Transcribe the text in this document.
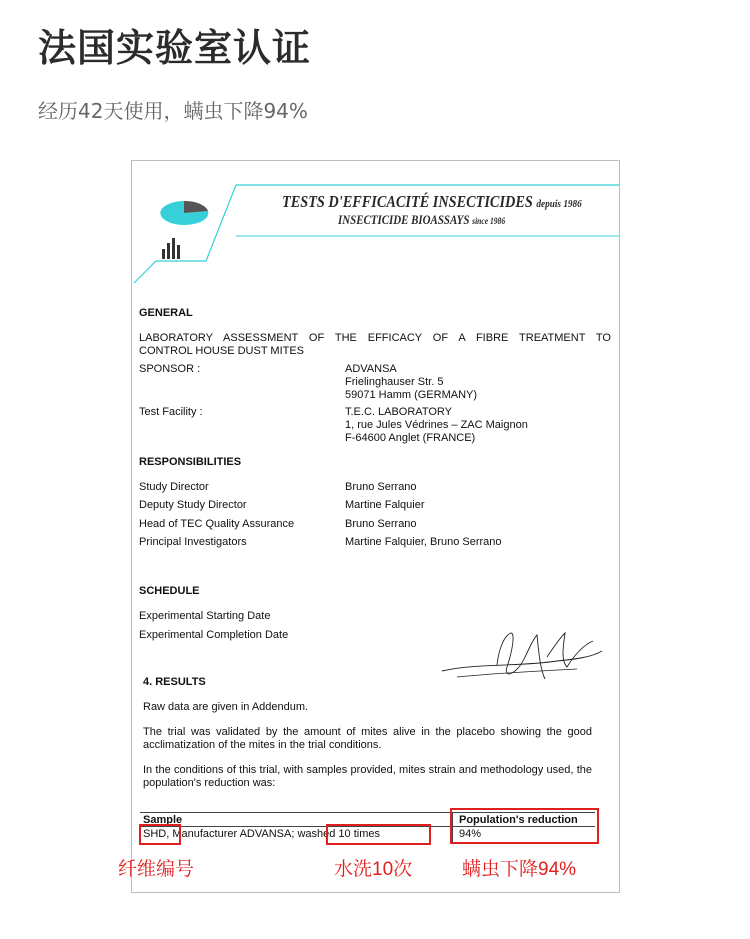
法国实验室认证
经历42天使用，螨虫下降94%
TESTS D'EFFICACITÉ INSECTICIDES depuis 1986
INSECTICIDE BIOASSAYS since 1986
GENERAL
LABORATORY ASSESSMENT OF THE EFFICACY OF A FIBRE TREATMENT TO
CONTROL HOUSE DUST MITES
SPONSOR :	ADVANSA
Frielinghauser Str. 5
59071 Hamm (GERMANY)
Test Facility :	T.E.C. LABORATORY
1, rue Jules Védrines – ZAC Maignon
F-64600 Anglet (FRANCE)
RESPONSIBILITIES
Study Director	Bruno Serrano
Deputy Study Director	Martine Falquier
Head of TEC Quality Assurance	Bruno Serrano
Principal Investigators	Martine Falquier, Bruno Serrano
SCHEDULE
Experimental Starting Date
Experimental Completion Date
4. RESULTS
Raw data are given in Addendum.
The trial was validated by the amount of mites alive in the placebo showing the good
acclimatization of the mites in the trial conditions.
In the conditions of this trial, with samples provided, mites strain and methodology used, the
population's reduction was:
Sample	Population's reduction
SHD, Manufacturer ADVANSA; washed 10 times	94%
纤维编号	水洗10次	螨虫下降94%
